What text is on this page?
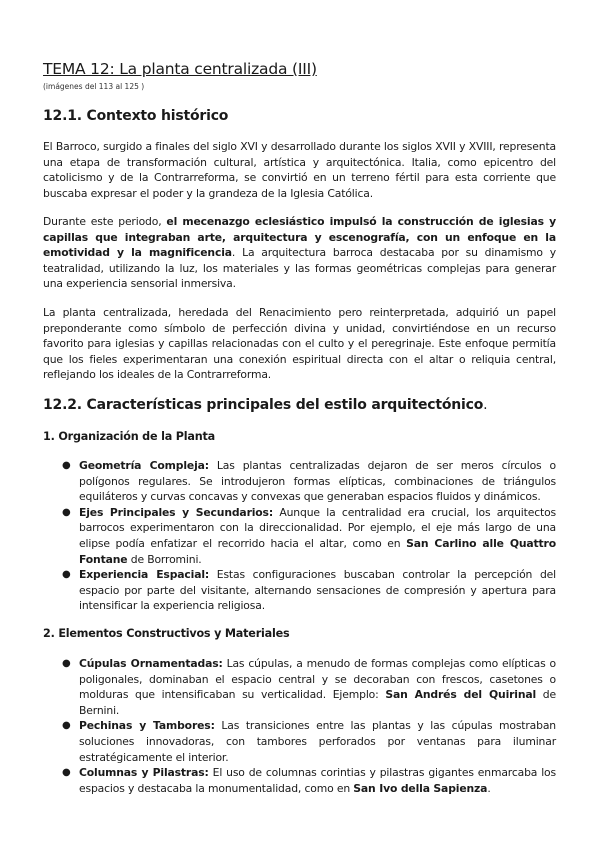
TEMA 12: La planta centralizada (III)
(imágenes del 113 al 125 )
12.1. Contexto histórico

El Barroco, surgido a finales del siglo XVI y desarrollado durante los siglos XVII y XVIII, representa una etapa de transformación cultural, artística y arquitectónica. Italia, como epicentro del catolicismo y de la Contrarreforma, se convirtió en un terreno fértil para esta corriente que buscaba expresar el poder y la grandeza de la Iglesia Católica.

Durante este periodo, el mecenazgo eclesiástico impulsó la construcción de iglesias y capillas que integraban arte, arquitectura y escenografía, con un enfoque en la emotividad y la magnificencia. La arquitectura barroca destacaba por su dinamismo y teatralidad, utilizando la luz, los materiales y las formas geométricas complejas para generar una experiencia sensorial inmersiva.

La planta centralizada, heredada del Renacimiento pero reinterpretada, adquirió un papel preponderante como símbolo de perfección divina y unidad, convirtiéndose en un recurso favorito para iglesias y capillas relacionadas con el culto y el peregrinaje. Este enfoque permitía que los fieles experimentaran una conexión espiritual directa con el altar o reliquia central, reflejando los ideales de la Contrarreforma.

12.2. Características principales del estilo arquitectónico.
1. Organización de la Planta
● Geometría Compleja: Las plantas centralizadas dejaron de ser meros círculos o polígonos regulares. Se introdujeron formas elípticas, combinaciones de triángulos equiláteros y curvas concavas y convexas que generaban espacios fluidos y dinámicos.
● Ejes Principales y Secundarios: Aunque la centralidad era crucial, los arquitectos barrocos experimentaron con la direccionalidad. Por ejemplo, el eje más largo de una elipse podía enfatizar el recorrido hacia el altar, como en San Carlino alle Quattro Fontane de Borromini.
● Experiencia Espacial: Estas configuraciones buscaban controlar la percepción del espacio por parte del visitante, alternando sensaciones de compresión y apertura para intensificar la experiencia religiosa.
2. Elementos Constructivos y Materiales
● Cúpulas Ornamentadas: Las cúpulas, a menudo de formas complejas como elípticas o poligonales, dominaban el espacio central y se decoraban con frescos, casetones o molduras que intensificaban su verticalidad. Ejemplo: San Andrés del Quirinal de Bernini.
● Pechinas y Tambores: Las transiciones entre las plantas y las cúpulas mostraban soluciones innovadoras, con tambores perforados por ventanas para iluminar estratégicamente el interior.
● Columnas y Pilastras: El uso de columnas corintias y pilastras gigantes enmarcaba los espacios y destacaba la monumentalidad, como en San Ivo della Sapienza.
